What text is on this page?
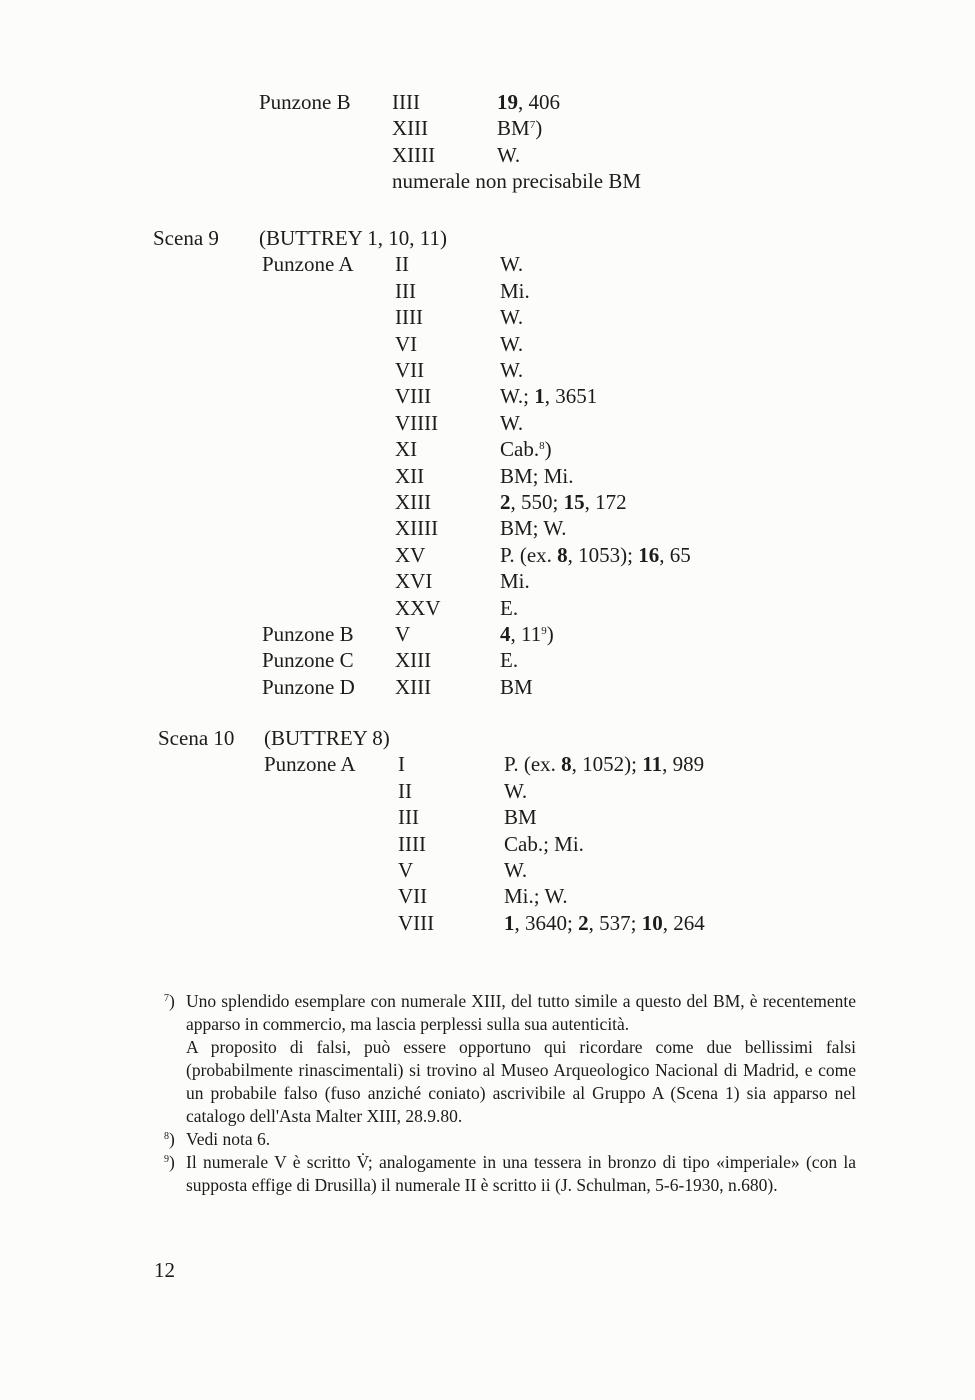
Punzone B IIII	19, 406
XIII	BM$^7$)
XIIII	W.
numerale non precisabile BM
Scena 9 (BUTTREY 1, 10, 11)
Punzone A II	W.
III	Mi.
IIII	W.
VI	W.
VII	W.
VIII	W.; 1, 3651
VIIII	W.
XI	Cab.$^8$)
XII	BM; Mi.
XIII	2, 550; 15, 172
XIIII	BM; W.
XV	P. (ex. 8, 1053); 16, 65
XVI	Mi.
XXV	E.
Punzone B V	4, 11$^9$)
Punzone C XIII	E.
Punzone D XIII	BM
Scena 10 (BUTTREY 8)
Punzone A I	P. (ex. 8, 1052); 11, 989
II	W.
III	BM
IIII	Cab.; Mi.
V	W.
VII	Mi.; W.
VIII	1, 3640; 2, 537; 10, 264
$^7$) Uno splendido esemplare con numerale XIII, del tutto simile a questo del BM, è recentemente apparso in commercio, ma lascia perplessi sulla sua autenticità.

A proposito di falsi, può essere opportuno qui ricordare come due bellissimi falsi (probabilmente rinascimentali) si trovino al Museo Arqueologico Nacional di Madrid, e come un probabile falso (fuso anziché coniato) ascrivibile al Gruppo A (Scena 1) sia apparso nel catalogo dell'Asta Malter XIII, 28.9.80.

$^8$) Vedi nota 6.

$^9$) Il numerale V è scritto V̇; analogamente in una tessera in bronzo di tipo «imperiale» (con la supposta effige di Drusilla) il numerale II è scritto ii (J. Schulman, 5-6-1930, n.680).

12
